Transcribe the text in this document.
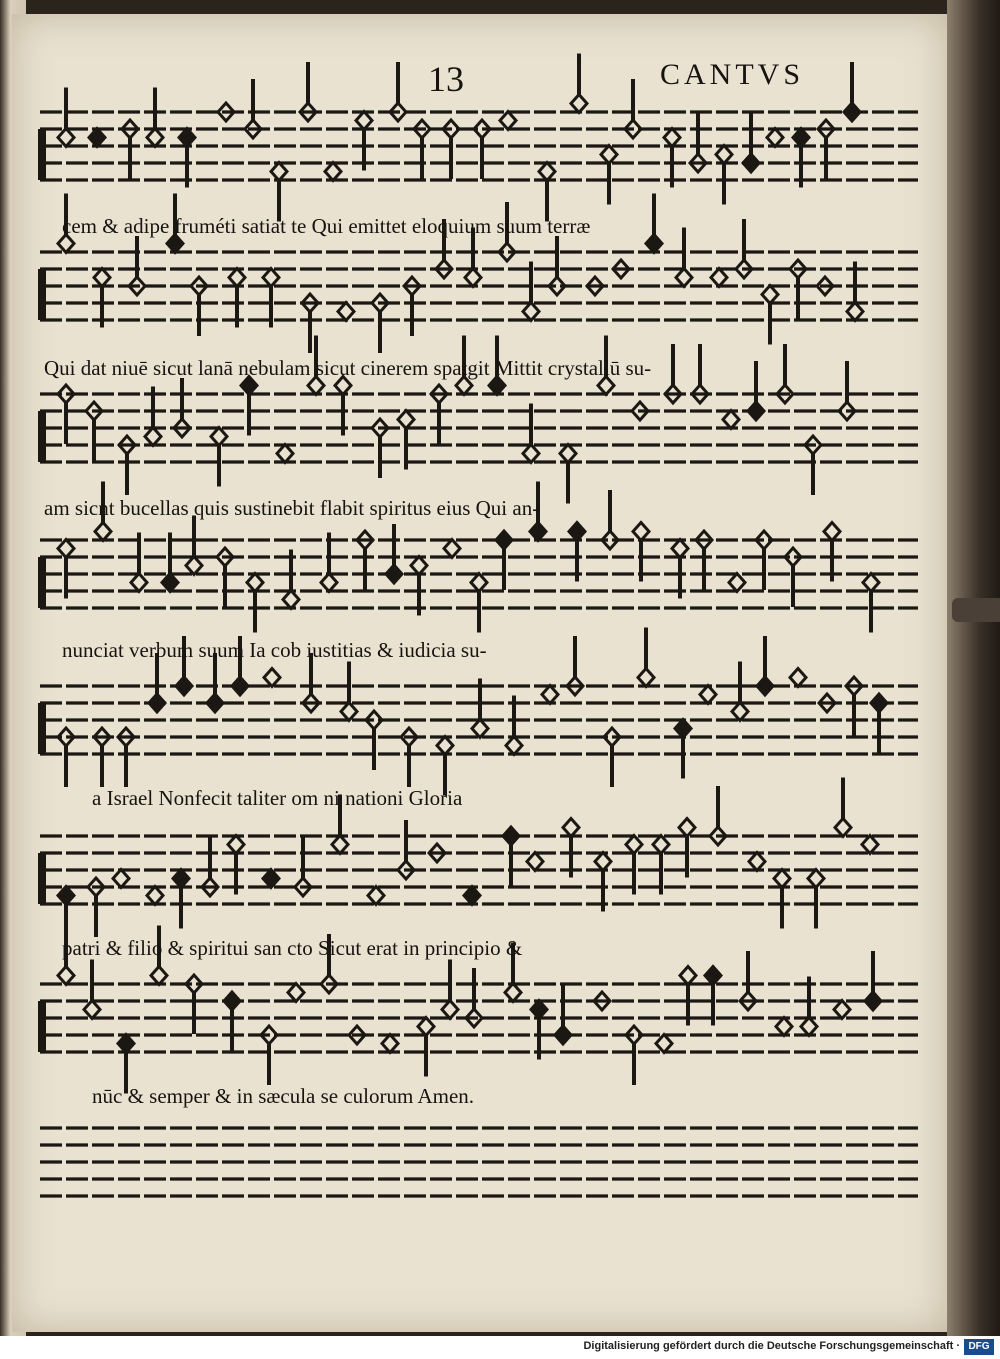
13	CANTVS
cem & adipe fruméti satiat te Qui emittet eloquium suum terræ
Qui dat niuē sicut lanā nebulam sicut cinerem spatgit Mittit crystallū su-
am sicnt bucellas quis sustinebit flabit spiritus eius Qui an-
nunciat verbum suum Ia cob iustitias & iudicia su-
a Israel Nonfecit taliter om ni nationi Gloria
patri & filio & spiritui san cto Sicut erat in principio &
nūc & semper & in sæcula se culorum Amen.
Digitalisierung gefördert durch die Deutsche Forschungsgemeinschaft · DFG
